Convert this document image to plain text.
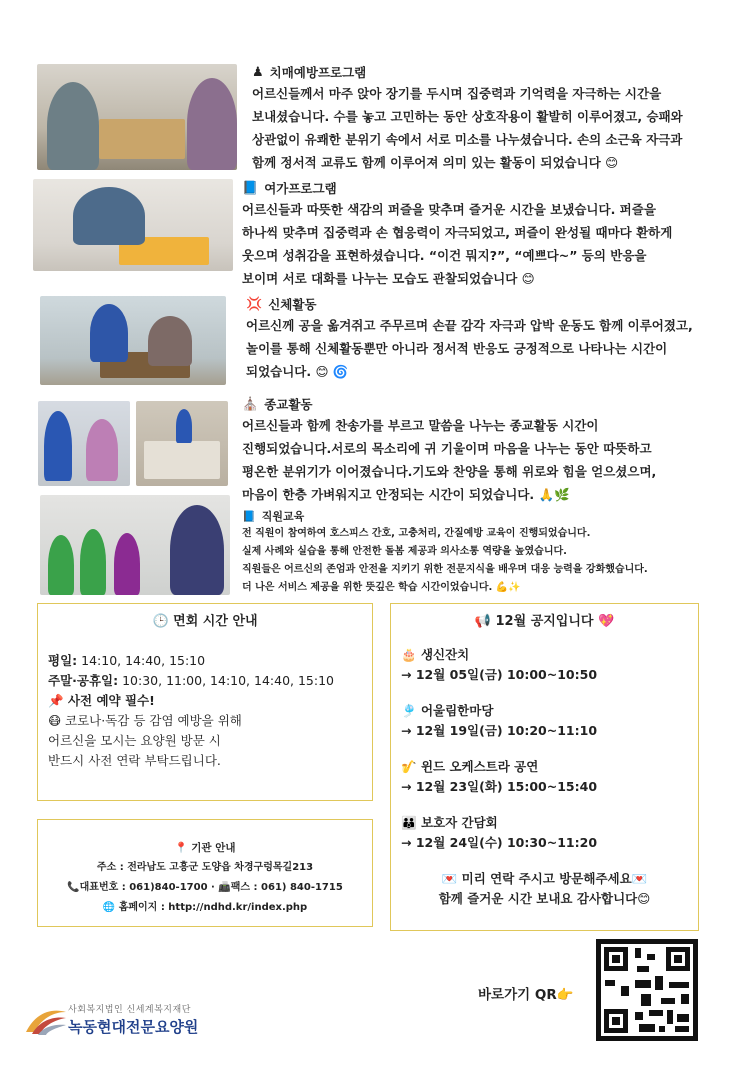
♟ 치매예방프로그램
어르신들께서 마주 앉아 장기를 두시며 집중력과 기억력을 자극하는 시간을
보내셨습니다. 수를 놓고 고민하는 동안 상호작용이 활발히 이루어졌고, 승패와
상관없이 유쾌한 분위기 속에서 서로 미소를 나누셨습니다. 손의 소근육 자극과
함께 정서적 교류도 함께 이루어져 의미 있는 활동이 되었습니다 😊
📘 여가프로그램
어르신들과 따뜻한 색감의 퍼즐을 맞추며 즐거운 시간을 보냈습니다. 퍼즐을
하나씩 맞추며 집중력과 손 협응력이 자극되었고, 퍼즐이 완성될 때마다 환하게
웃으며 성취감을 표현하셨습니다. “이건 뭐지?”, “예쁘다~” 등의 반응을
보이며 서로 대화를 나누는 모습도 관찰되었습니다 😊
💢 신체활동
어르신께 공을 옮겨쥐고 주무르며 손끝 감각 자극과 압박 운동도 함께 이루어졌고,
놀이를 통해 신체활동뿐만 아니라 정서적 반응도 긍정적으로 나타나는 시간이
되었습니다. 😊 🌀
⛪ 종교활동
어르신들과 함께 찬송가를 부르고 말씀을 나누는 종교활동 시간이
진행되었습니다.서로의 목소리에 귀 기울이며 마음을 나누는 동안 따뜻하고
평온한 분위기가 이어졌습니다.기도와 찬양을 통해 위로와 힘을 얻으셨으며,
마음이 한층 가벼워지고 안정되는 시간이 되었습니다. 🙏🌿
📘 직원교육
전 직원이 참여하여 호스피스 간호, 고충처리, 간질예방 교육이 진행되었습니다.
실제 사례와 실습을 통해 안전한 돌봄 제공과 의사소통 역량을 높였습니다.
직원들은 어르신의 존엄과 안전을 지키기 위한 전문지식을 배우며 대응 능력을 강화했습니다.
더 나은 서비스 제공을 위한 뜻깊은 학습 시간이었습니다. 💪✨
🕒 면회 시간 안내
평일: 14:10, 14:40, 15:10
주말·공휴일: 10:30, 11:00, 14:10, 14:40, 15:10
📌 사전 예약 필수!
😷 코로나·독감 등 감염 예방을 위해
어르신을 모시는 요양원 방문 시
반드시 사전 연락 부탁드립니다.
📢 12월 공지입니다 💖
🎂 생신잔치
→ 12월 05일(금) 10:00~10:50
🎐 어울림한마당
→ 12월 19일(금) 10:20~11:10
🎷 윈드 오케스트라 공연
→ 12월 23일(화) 15:00~15:40
👪 보호자 간담회
→ 12월 24일(수) 10:30~11:20
💌 미리 연락 주시고 방문해주세요💌
함께 즐거운 시간 보내요 감사합니다😊
📍 기관 안내
주소 : 전라남도 고흥군 도양읍 차경구렁목길213
📞대표번호 : 061)840-1700 · 📠팩스 : 061) 840-1715
🌐 홈페이지 : http://ndhd.kr/index.php
바로가기 QR👉
사회복지법인 신세계복지재단
녹동현대전문요양원
